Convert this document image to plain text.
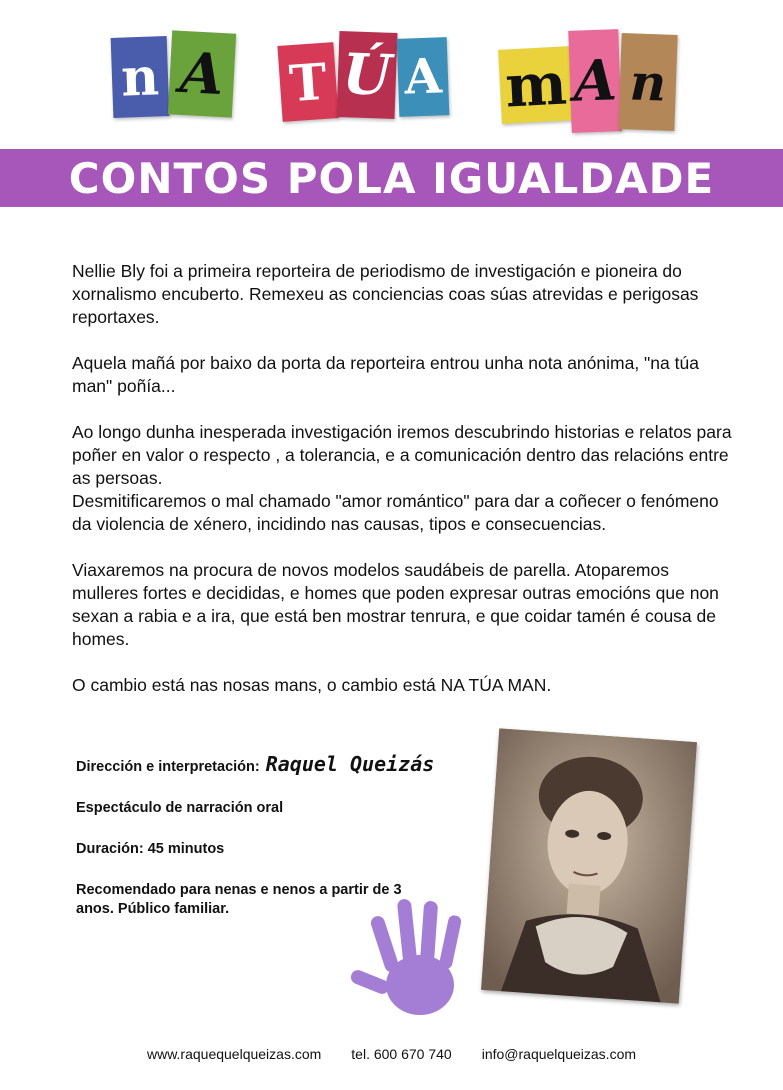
n A T Ú A m A n
CONTOS POLA IGUALDADE

Nellie Bly foi a primeira reporteira de periodismo de investigación e pioneira do xornalismo encuberto. Remexeu as conciencias coas súas atrevidas e perigosas reportaxes.

Aquela mañá por baixo da porta da reporteira entrou unha nota anónima, "na túa man" poñía...

Ao longo dunha inesperada investigación iremos descubrindo historias e relatos para poñer en valor o respecto , a tolerancia, e a comunicación dentro das relacións entre as persoas.

Desmitificaremos o mal chamado "amor romántico" para dar a coñecer o fenómeno da violencia de xénero, incidindo nas causas, tipos e consecuencias.

Viaxaremos na procura de novos modelos saudábeis de parella. Atoparemos mulleres fortes e decididas, e homes que poden expresar outras emocións que non sexan a rabia e a ira, que está ben mostrar tenrura, e que coidar tamén é cousa de homes.

O cambio está nas nosas mans, o cambio está NA TÚA MAN.

Dirección e interpretación: Raquel Queizás
Espectáculo de narración oral
Duración: 45 minutos
Recomendado para nenas e nenos a partir de 3 anos. Público familiar.
www.raquequelqueizas.com tel. 600 670 740 info@raquelqueizas.com
